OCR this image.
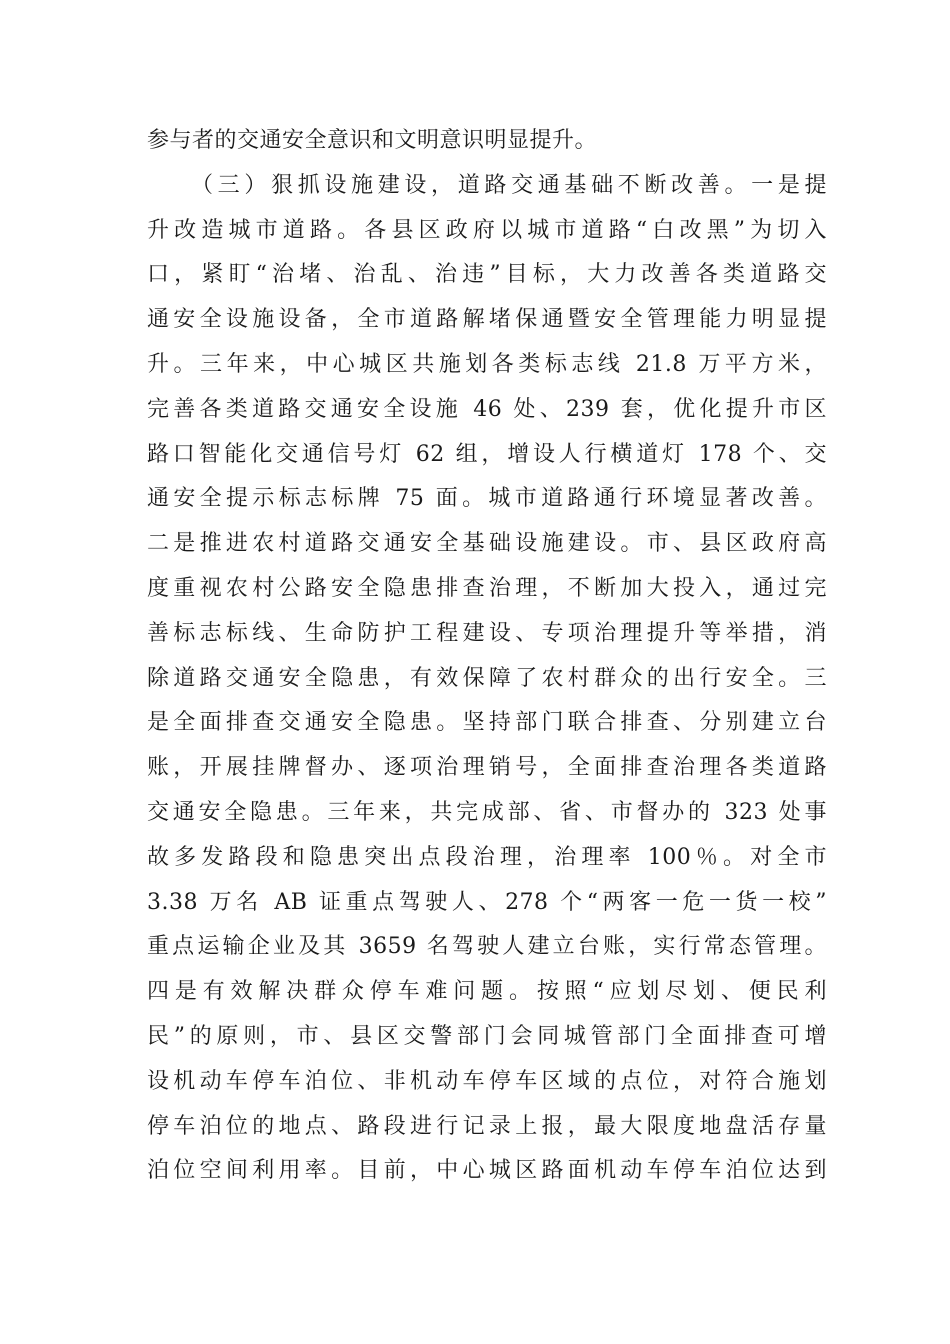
参与者的交通安全意识和文明意识明显提升。
（三）狠抓设施建设，道路交通基础不断改善。一是提
升改造城市道路。各县区政府以城市道路“白改黑”为切入
口，紧盯“治堵、治乱、治违”目标，大力改善各类道路交
通安全设施设备，全市道路解堵保通暨安全管理能力明显提
升。三年来，中心城区共施划各类标志线 21.8 万平方米，
完善各类道路交通安全设施 46 处、239 套，优化提升市区
路口智能化交通信号灯 62 组，增设人行横道灯 178 个、交
通安全提示标志标牌 75 面。城市道路通行环境显著改善。
二是推进农村道路交通安全基础设施建设。市、县区政府高
度重视农村公路安全隐患排查治理，不断加大投入，通过完
善标志标线、生命防护工程建设、专项治理提升等举措，消
除道路交通安全隐患，有效保障了农村群众的出行安全。三
是全面排查交通安全隐患。坚持部门联合排查、分别建立台
账，开展挂牌督办、逐项治理销号，全面排查治理各类道路
交通安全隐患。三年来，共完成部、省、市督办的 323 处事
故多发路段和隐患突出点段治理，治理率 100％。对全市
3.38 万名 AB 证重点驾驶人、278 个“两客一危一货一校”
重点运输企业及其 3659 名驾驶人建立台账，实行常态管理。
四是有效解决群众停车难问题。按照“应划尽划、便民利
民”的原则，市、县区交警部门会同城管部门全面排查可增
设机动车停车泊位、非机动车停车区域的点位，对符合施划
停车泊位的地点、路段进行记录上报，最大限度地盘活存量
泊位空间利用率。目前，中心城区路面机动车停车泊位达到
